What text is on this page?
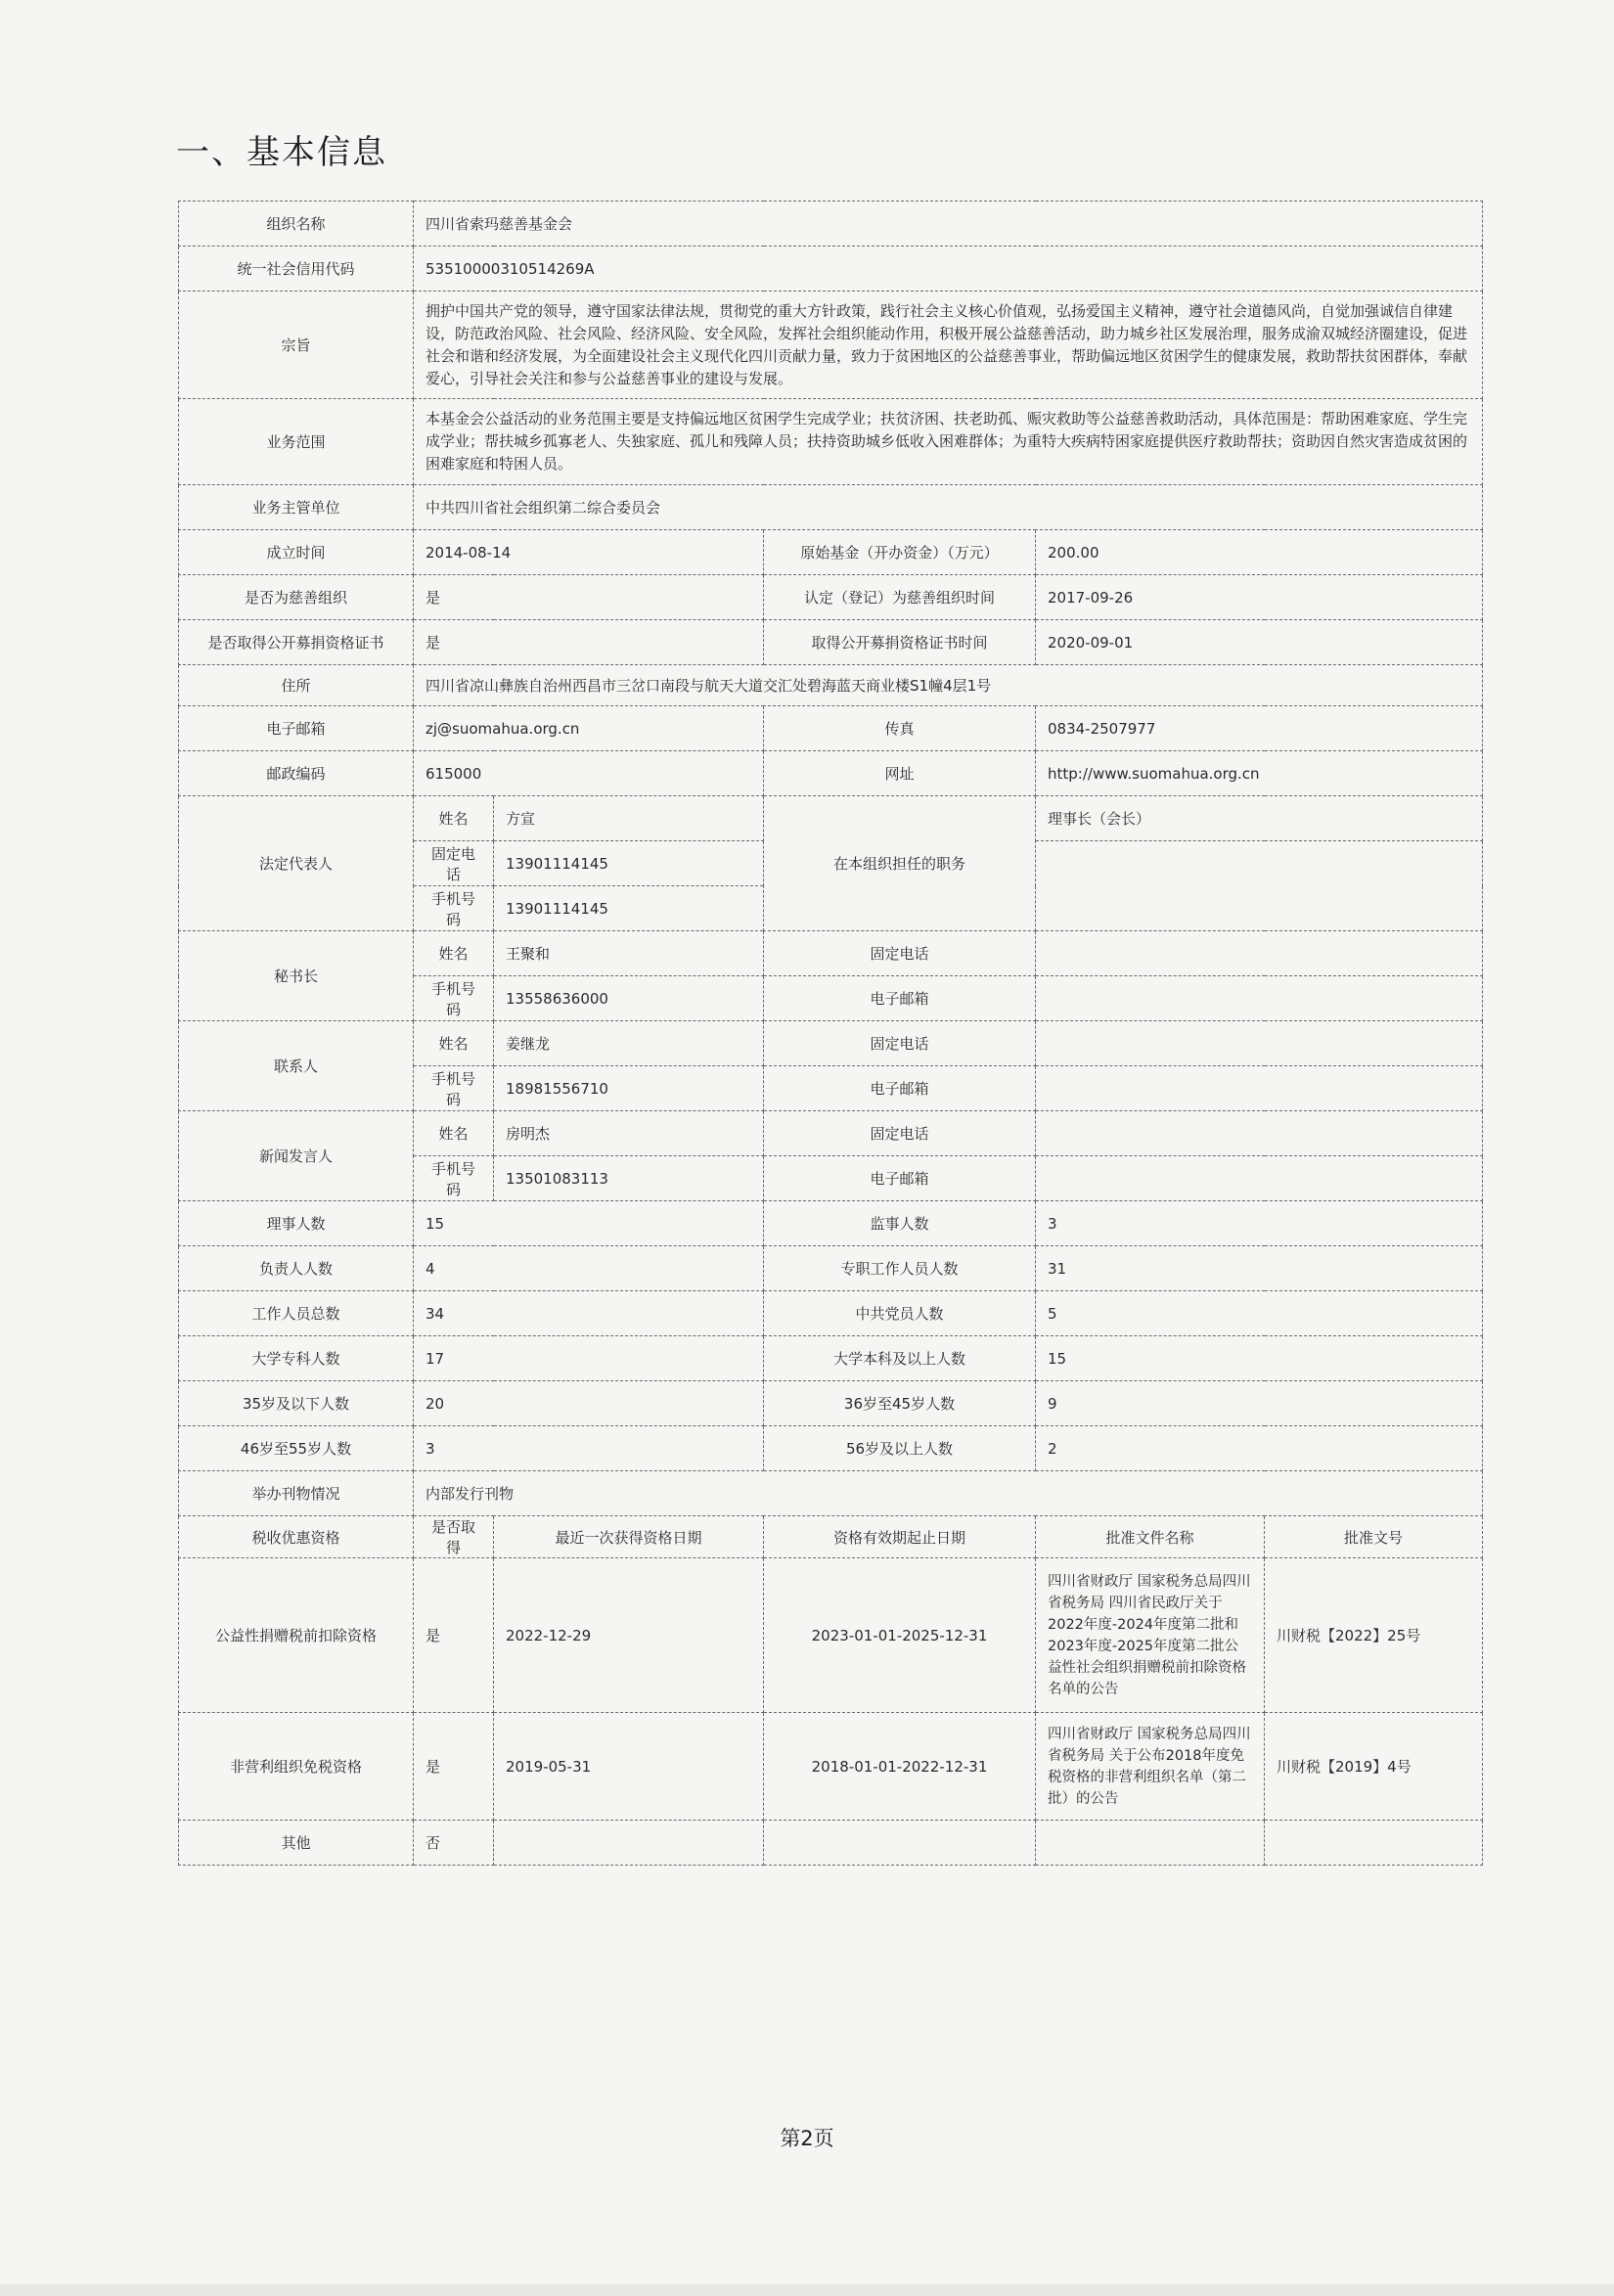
一、基本信息
组织名称	四川省索玛慈善基金会				
统一社会信用代码	53510000310514269A				
宗旨	拥护中国共产党的领导，遵守国家法律法规，贯彻党的重大方针政策，践行社会主义核心价值观，弘扬爱国主义精神，遵守社会道德风尚，自觉加强诚信自律建设，防范政治风险、社会风险、经济风险、安全风险，发挥社会组织能动作用，积极开展公益慈善活动，助力城乡社区发展治理，服务成渝双城经济圈建设，促进社会和谐和经济发展，为全面建设社会主义现代化四川贡献力量，致力于贫困地区的公益慈善事业，帮助偏远地区贫困学生的健康发展，救助帮扶贫困群体，奉献爱心，引导社会关注和参与公益慈善事业的建设与发展。				
业务范围	本基金会公益活动的业务范围主要是支持偏远地区贫困学生完成学业；扶贫济困、扶老助孤、赈灾救助等公益慈善救助活动，具体范围是：帮助困难家庭、学生完成学业；帮扶城乡孤寡老人、失独家庭、孤儿和残障人员；扶持资助城乡低收入困难群体；为重特大疾病特困家庭提供医疗救助帮扶；资助因自然灾害造成贫困的困难家庭和特困人员。				
业务主管单位	中共四川省社会组织第二综合委员会				
成立时间	2014-08-14		原始基金（开办资金）（万元）	200.00	
是否为慈善组织	是		认定（登记）为慈善组织时间	2017-09-26	
是否取得公开募捐资格证书	是		取得公开募捐资格证书时间	2020-09-01	
住所	四川省凉山彝族自治州西昌市三岔口南段与航天大道交汇处碧海蓝天商业楼S1幢4层1号				
电子邮箱	zj@suomahua.org.cn		传真	0834-2507977	
邮政编码	615000		网址	http://www.suomahua.org.cn	
法定代表人	姓名	方宣	在本组织担任的职务	理事长（会长）	
	固定电话	13901114145			
	手机号码	13901114145			
秘书长	姓名	王聚和	固定电话		
	手机号码	13558636000	电子邮箱		
联系人	姓名	姜继龙	固定电话		
	手机号码	18981556710	电子邮箱		
新闻发言人	姓名	房明杰	固定电话		
	手机号码	13501083113	电子邮箱		
理事人数	15		监事人数	3	
负责人人数	4		专职工作人员人数	31	
工作人员总数	34		中共党员人数	5	
大学专科人数	17		大学本科及以上人数	15	
35岁及以下人数	20		36岁至45岁人数	9	
46岁至55岁人数	3		56岁及以上人数	2	
举办刊物情况	内部发行刊物				
税收优惠资格	是否取得	最近一次获得资格日期	资格有效期起止日期	批准文件名称	批准文号
公益性捐赠税前扣除资格	是	2022-12-29	2023-01-01-2025-12-31	四川省财政厅 国家税务总局四川省税务局 四川省民政厅关于 2022年度-2024年度第二批和2023年度-2025年度第二批公益性社会组织捐赠税前扣除资格名单的公告	川财税【2022】25号
非营利组织免税资格	是	2019-05-31	2018-01-01-2022-12-31	四川省财政厅 国家税务总局四川省税务局 关于公布2018年度免税资格的非营利组织名单（第二批）的公告	川财税【2019】4号
其他	否				
第2页
